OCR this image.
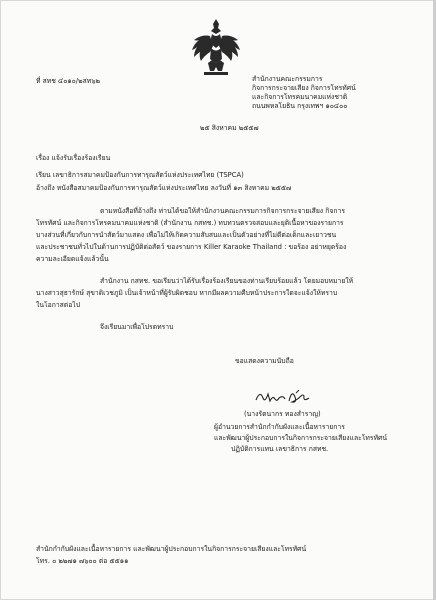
ที่ สทช ๔๐๑๐/๒สท๖๒	สำนักงานคณะกรรมการ
กิจการกระจายเสียง กิจการโทรทัศน์
และกิจการโทรคมนาคมแห่งชาติ
ถนนพหลโยธิน กรุงเทพฯ ๑๐๔๐๐
๒๕ สิงหาคม ๒๕๕๗
เรื่อง แจ้งรับเรื่องร้องเรียน
เรียน เลขาธิการสมาคมป้องกันการทารุณสัตว์แห่งประเทศไทย (TSPCA)
อ้างถึง หนังสือสมาคมป้องกันการทารุณสัตว์แห่งประเทศไทย ลงวันที่ ๑๓ สิงหาคม ๒๕๕๗
ตามหนังสือที่อ้างถึง ท่านได้ขอให้สำนักงานคณะกรรมการกิจการกระจายเสียง กิจการ
โทรทัศน์ และกิจการโทรคมนาคมแห่งชาติ (สำนักงาน กสทช.) ทบทวนตรวจสอบและยุติเนื้อหาของรายการ
บางส่วนที่เกี่ยวกับการนำสัตว์มาแสดง เพื่อไม่ให้เกิดความสับสนและเป็นตัวอย่างที่ไม่ดีต่อเด็กและเยาวชน
และประชาชนทั่วไปในด้านการปฏิบัติต่อสัตว์ ของรายการ Killer Karaoke Thailand : ขอร้อง อย่าหยุดร้อง
ความละเอียดแจ้งแล้วนั้น
สำนักงาน กสทช. ขอเรียนว่าได้รับเรื่องร้องเรียนของท่านเรียบร้อยแล้ว โดยมอบหมายให้
นางสาวสุธารักษ์ สุขาดิเวชภูมิ เป็นเจ้าหน้าที่ผู้รับผิดชอบ หากมีผลความคืบหน้าประการใดจะแจ้งให้ทราบ
ในโอกาสต่อไป
จึงเรียนมาเพื่อโปรดทราบ
ขอแสดงความนับถือ
(นางรัตนากร ทองสำราญ)
ผู้อำนวยการสำนักกำกับผังและเนื้อหารายการ
และพัฒนาผู้ประกอบการในกิจการกระจายเสียงและโทรทัศน์
ปฏิบัติการแทน เลขาธิการ กสทช.
สำนักกำกับผังและเนื้อหารายการ และพัฒนาผู้ประกอบการในกิจการกระจายเสียงและโทรทัศน์
โทร. ๐ ๒๒๗๑ ๗๖๐๐ ต่อ ๕๕๑๑
